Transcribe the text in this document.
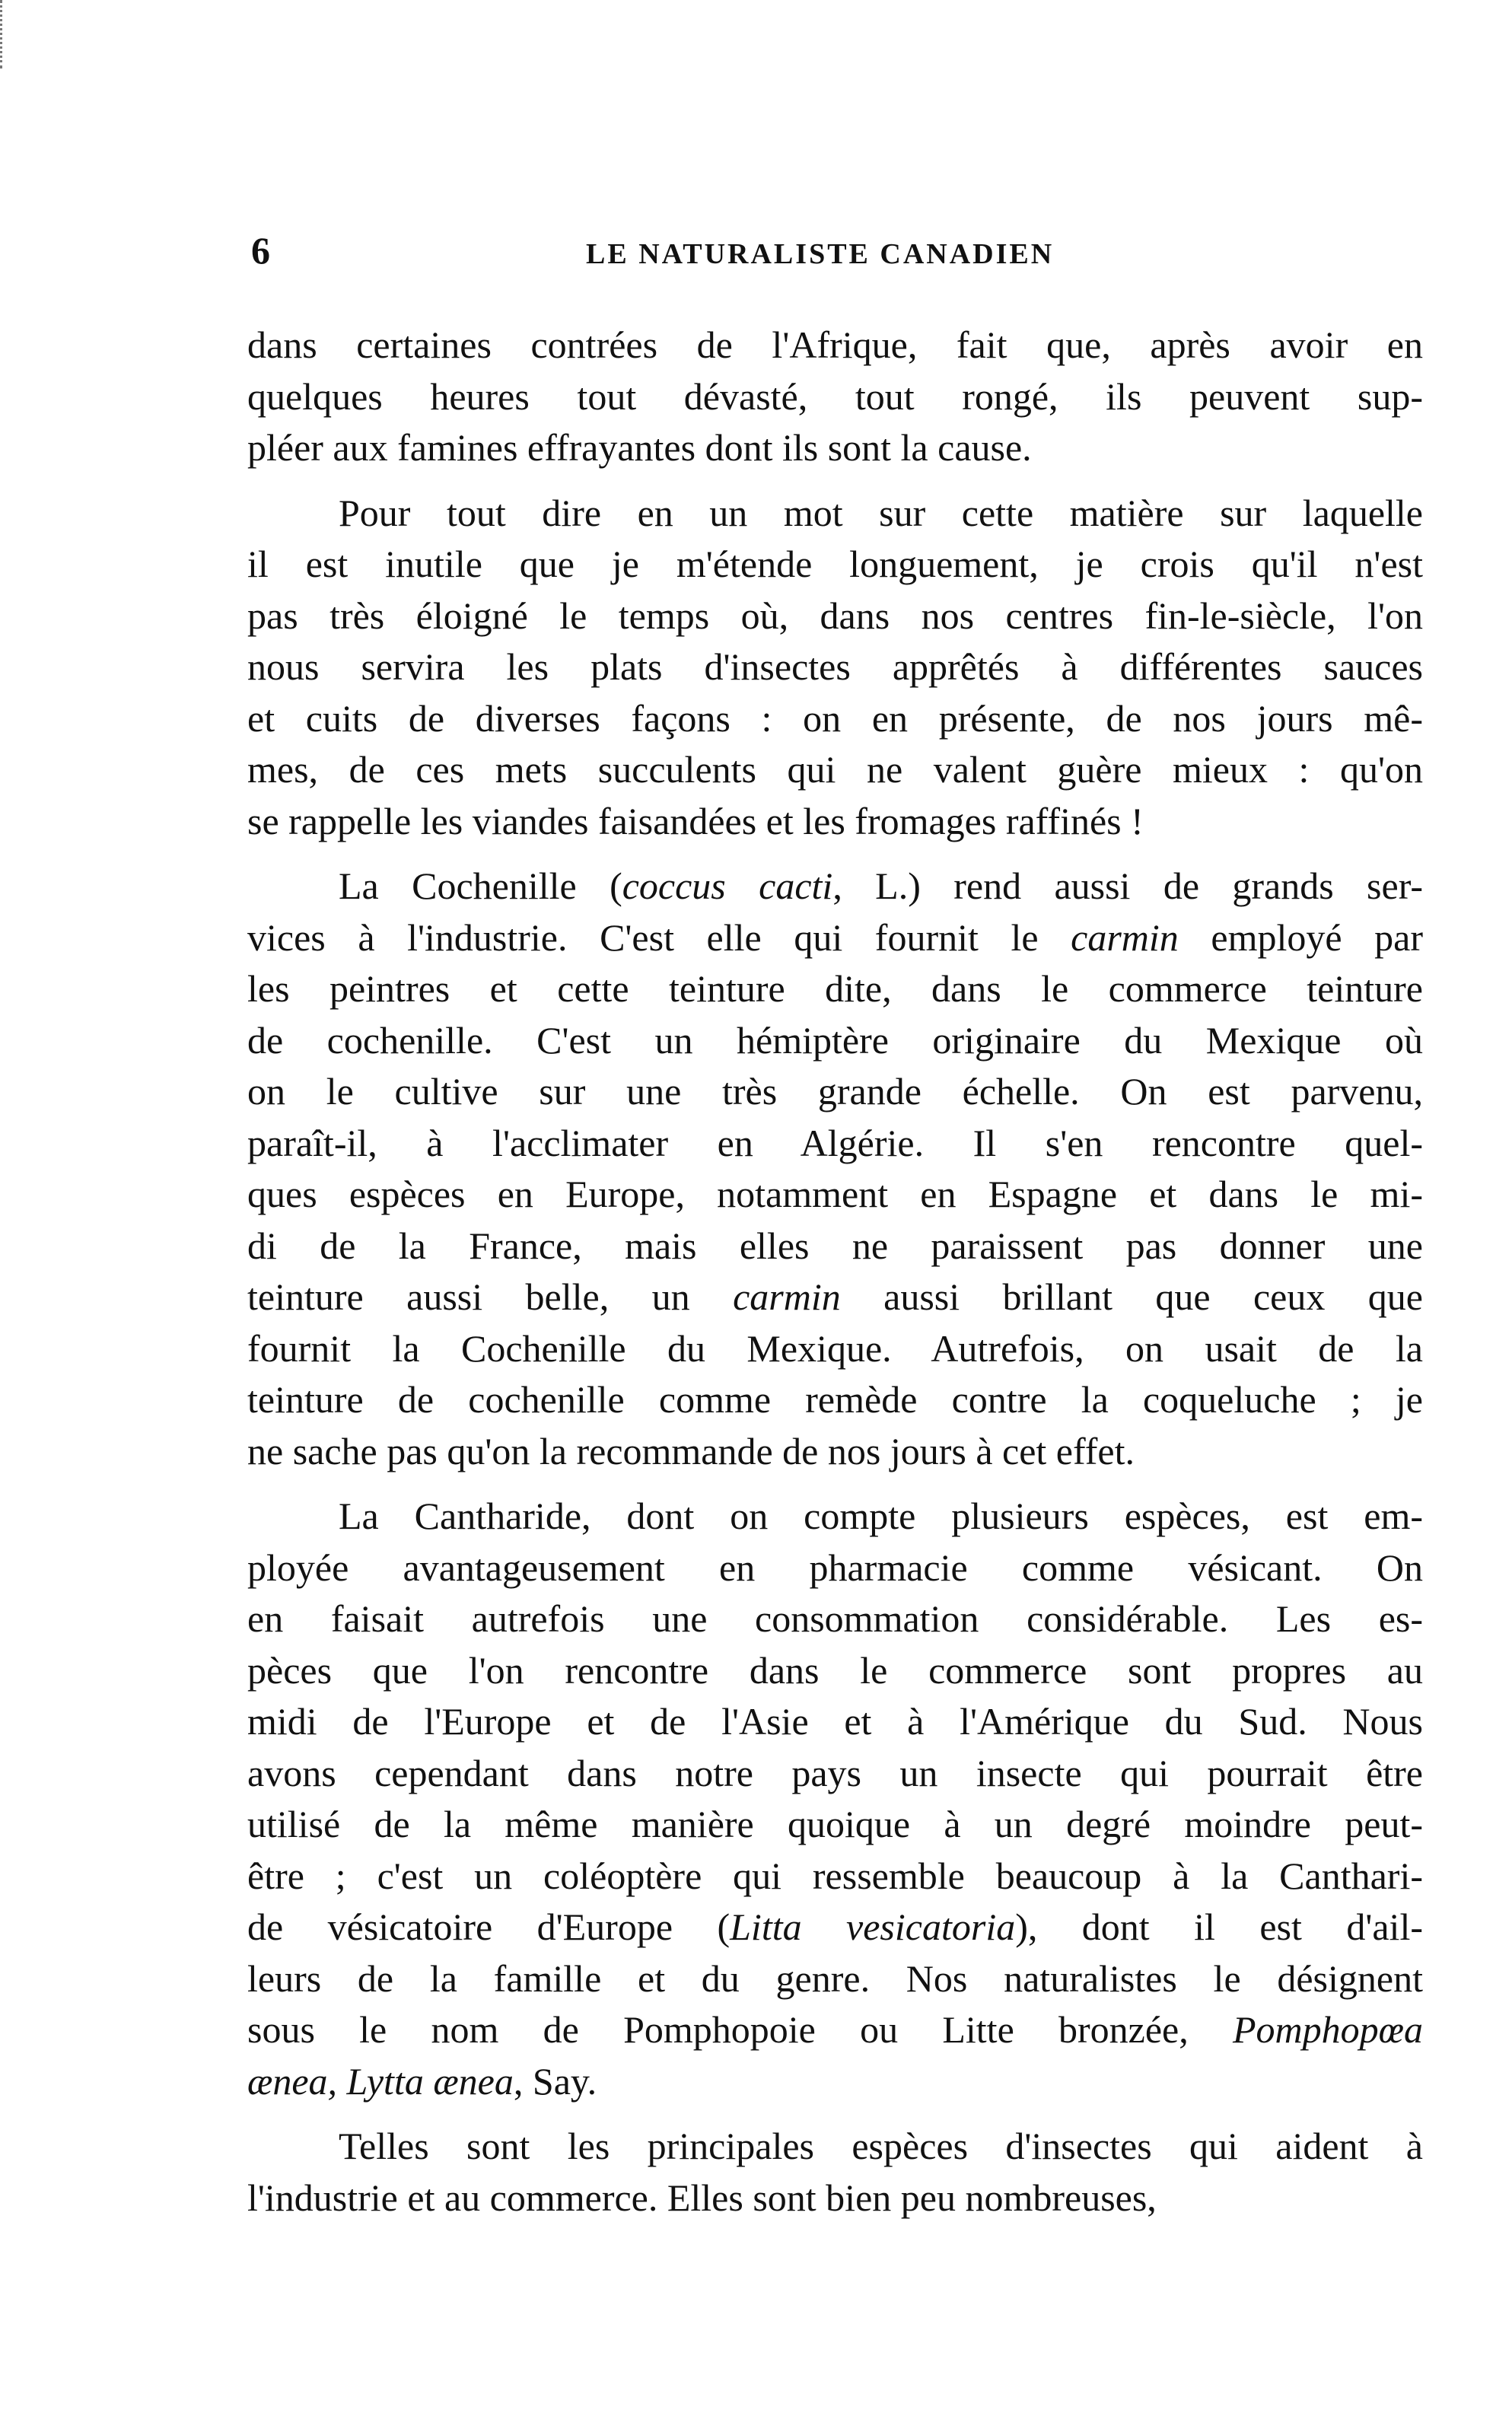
6	LE NATURALISTE CANADIEN
dans certaines contrées de l'Afrique, fait que, après avoir en
quelques heures tout dévasté, tout rongé, ils peuvent sup-
pléer aux famines effrayantes dont ils sont la cause.
Pour tout dire en un mot sur cette matière sur laquelle
il est inutile que je m'étende longuement, je crois qu'il n'est
pas très éloigné le temps où, dans nos centres fin-le-siècle, l'on
nous servira les plats d'insectes apprêtés à différentes sauces
et cuits de diverses façons : on en présente, de nos jours mê-
mes, de ces mets succulents qui ne valent guère mieux : qu'on
se rappelle les viandes faisandées et les fromages raffinés !
La Cochenille (coccus cacti, L.) rend aussi de grands ser-
vices à l'industrie. C'est elle qui fournit le carmin employé par
les peintres et cette teinture dite, dans le commerce teinture
de cochenille. C'est un hémiptère originaire du Mexique où
on le cultive sur une très grande échelle. On est parvenu,
paraît-il, à l'acclimater en Algérie. Il s'en rencontre quel-
ques espèces en Europe, notamment en Espagne et dans le mi-
di de la France, mais elles ne paraissent pas donner une
teinture aussi belle, un carmin aussi brillant que ceux que
fournit la Cochenille du Mexique. Autrefois, on usait de la
teinture de cochenille comme remède contre la coqueluche ; je
ne sache pas qu'on la recommande de nos jours à cet effet.
La Cantharide, dont on compte plusieurs espèces, est em-
ployée avantageusement en pharmacie comme vésicant. On
en faisait autrefois une consommation considérable. Les es-
pèces que l'on rencontre dans le commerce sont propres au
midi de l'Europe et de l'Asie et à l'Amérique du Sud. Nous
avons cependant dans notre pays un insecte qui pourrait être
utilisé de la même manière quoique à un degré moindre peut-
être ; c'est un coléoptère qui ressemble beaucoup à la Canthari-
de vésicatoire d'Europe (Litta vesicatoria), dont il est d'ail-
leurs de la famille et du genre. Nos naturalistes le désignent
sous le nom de Pomphopoie ou Litte bronzée, Pomphopœa
ænea, Lytta ænea, Say.
Telles sont les principales espèces d'insectes qui aident à
l'industrie et au commerce. Elles sont bien peu nombreuses,
